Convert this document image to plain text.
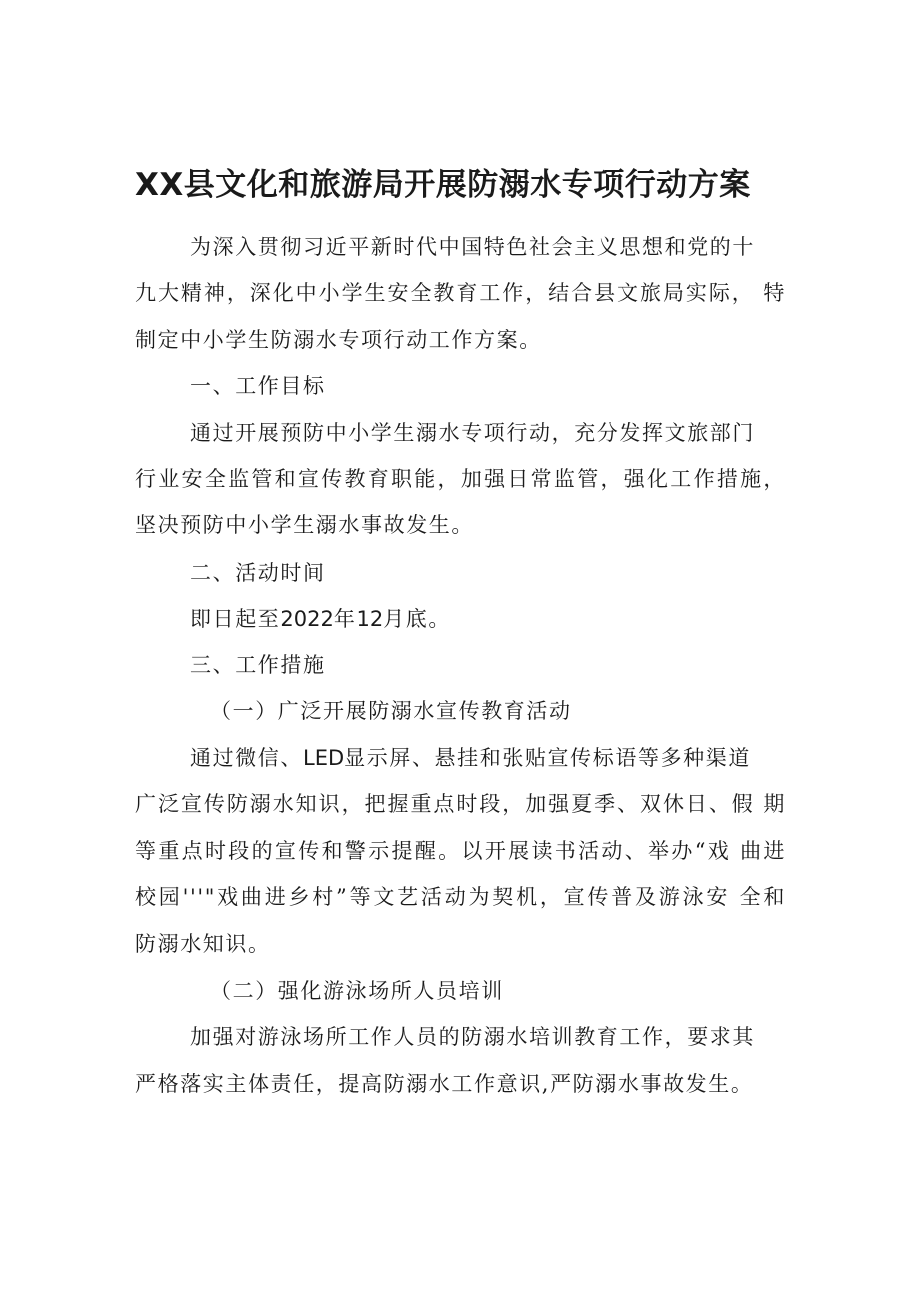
XX县文化和旅游局开展防溺水专项行动方案
为深入贯彻习近平新时代中国特色社会主义思想和党的十
九大精神，深化中小学生安全教育工作，结合县文旅局实际， 特
制定中小学生防溺水专项行动工作方案。
一、工作目标
通过开展预防中小学生溺水专项行动，充分发挥文旅部门
行业安全监管和宣传教育职能，加强日常监管，强化工作措施，
坚决预防中小学生溺水事故发生。
二、活动时间
即日起至2022年12月底。
三、工作措施
（一）广泛开展防溺水宣传教育活动
通过微信、LED显示屏、悬挂和张贴宣传标语等多种渠道
广泛宣传防溺水知识，把握重点时段，加强夏季、双休日、假 期
等重点时段的宣传和警示提醒。以开展读书活动、举办“戏 曲进
校园'''"戏曲进乡村”等文艺活动为契机，宣传普及游泳安 全和
防溺水知识。
（二）强化游泳场所人员培训
加强对游泳场所工作人员的防溺水培训教育工作，要求其
严格落实主体责任，提高防溺水工作意识,严防溺水事故发生。
